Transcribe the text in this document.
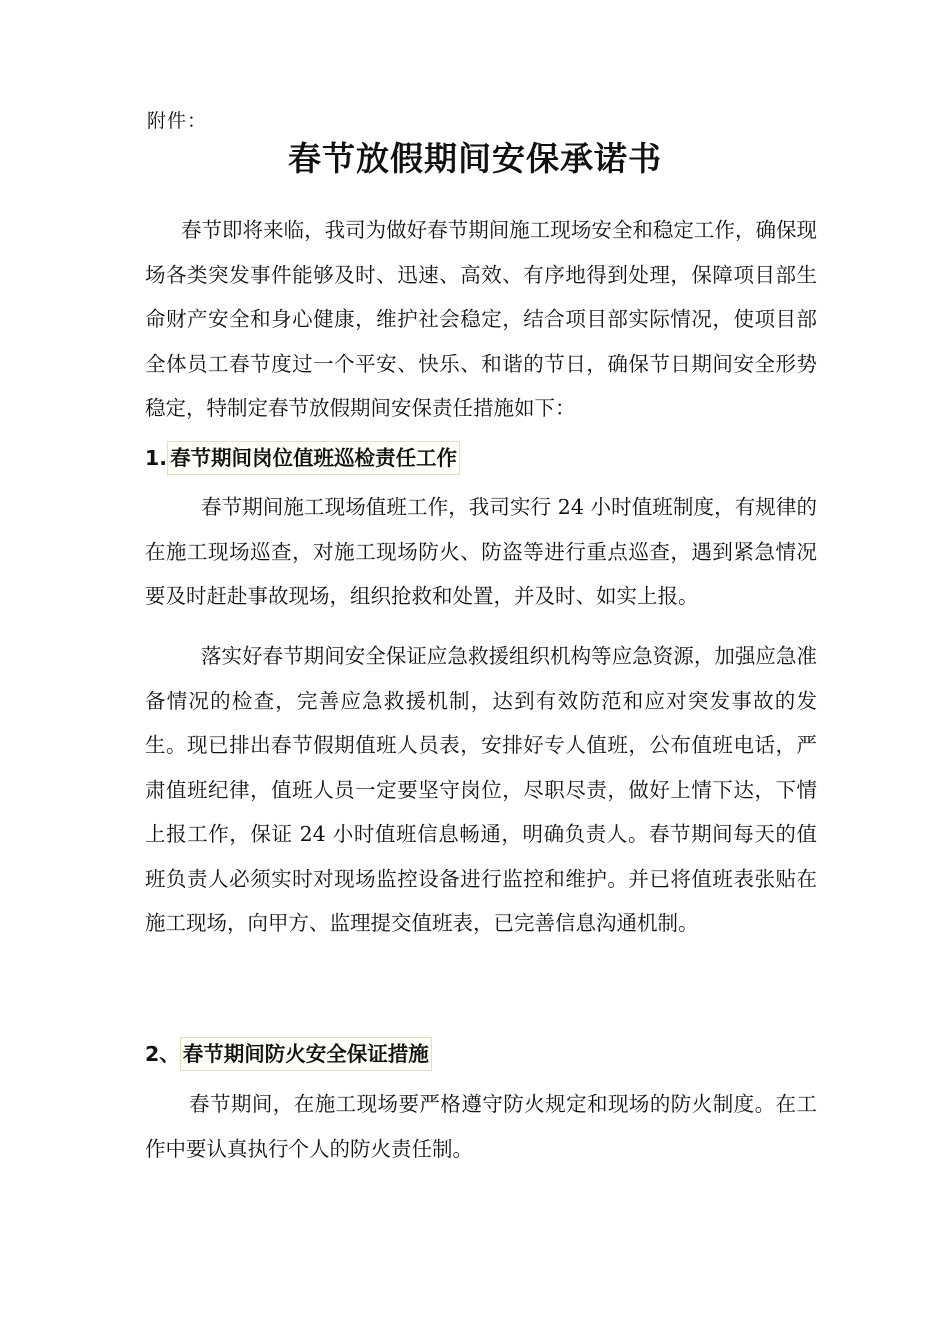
附件：
春节放假期间安保承诺书

春节即将来临，我司为做好春节期间施工现场安全和稳定工作，确保现场各类突发事件能够及时、迅速、高效、有序地得到处理，保障项目部生命财产安全和身心健康，维护社会稳定，结合项目部实际情况，使项目部全体员工春节度过一个平安、快乐、和谐的节日，确保节日期间安全形势稳定，特制定春节放假期间安保责任措施如下：

1. 春节期间岗位值班巡检责任工作

春节期间施工现场值班工作，我司实行 24 小时值班制度，有规律的在施工现场巡查，对施工现场防火、防盗等进行重点巡查，遇到紧急情况要及时赶赴事故现场，组织抢救和处置，并及时、如实上报。

落实好春节期间安全保证应急救援组织机构等应急资源，加强应急准备情况的检查，完善应急救援机制，达到有效防范和应对突发事故的发生。现已排出春节假期值班人员表，安排好专人值班，公布值班电话，严肃值班纪律，值班人员一定要坚守岗位，尽职尽责，做好上情下达，下情上报工作，保证 24 小时值班信息畅通，明确负责人。春节期间每天的值班负责人必须实时对现场监控设备进行监控和维护。并已将值班表张贴在施工现场，向甲方、监理提交值班表，已完善信息沟通机制。

2、 春节期间防火安全保证措施

春节期间，在施工现场要严格遵守防火规定和现场的防火制度。在工作中要认真执行个人的防火责任制。
